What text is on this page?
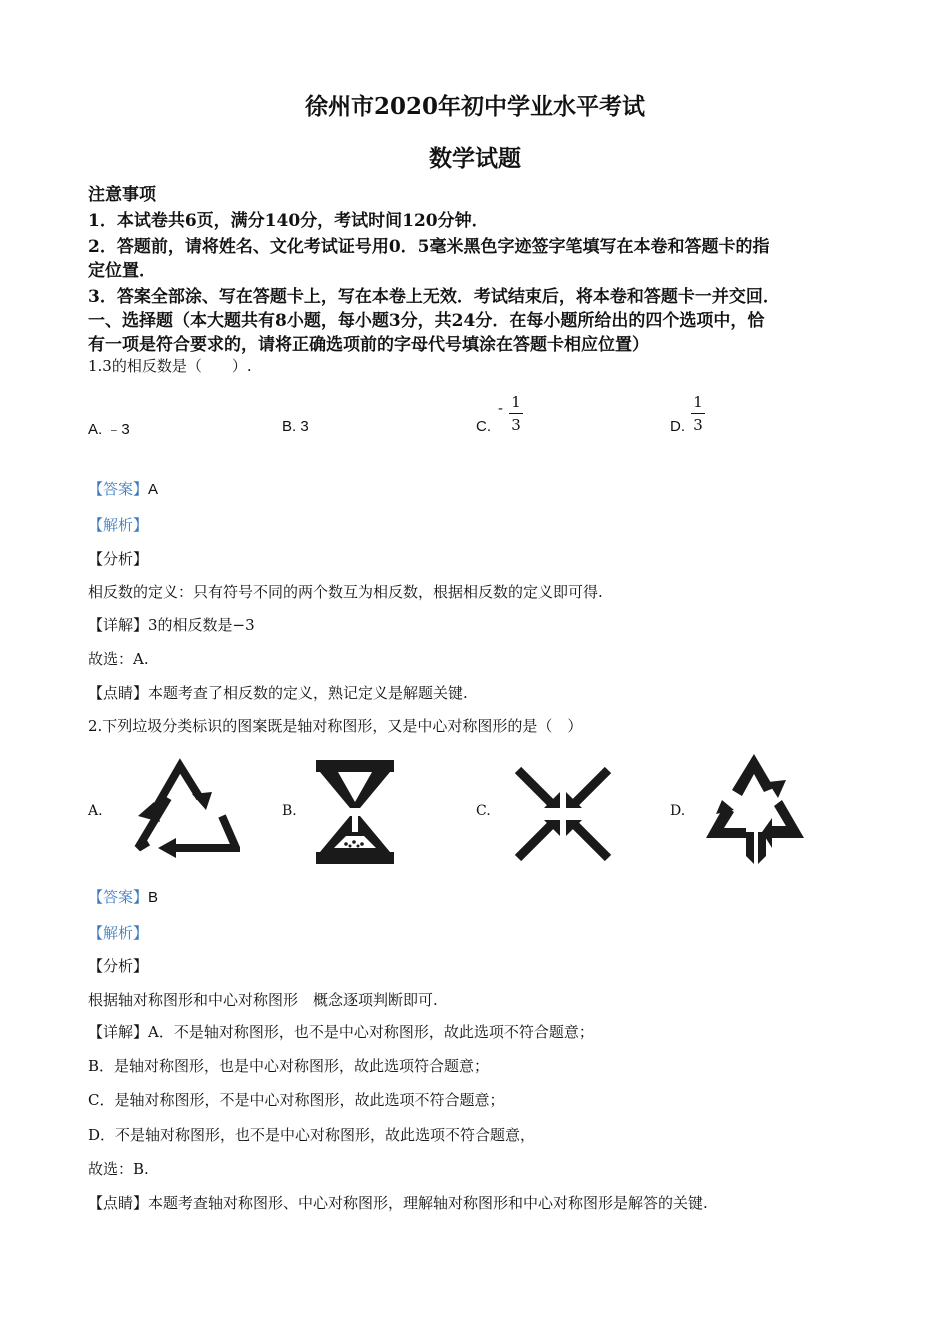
徐州市2020年初中学业水平考试
数学试题
注意事项
1．本试卷共6页，满分140分，考试时间120分钟．
2．答题前，请将姓名、文化考试证号用0．5毫米黑色字迹签字笔填写在本卷和答题卡的指
定位置．
3．答案全部涂、写在答题卡上，写在本卷上无效．考试结束后，将本卷和答题卡一并交回．
一、选择题（本大题共有8小题，每小题3分，共24分．在每小题所给出的四个选项中，恰
有一项是符合要求的，请将正确选项前的字母代号填涂在答题卡相应位置）
1.3的相反数是（　　）.
A. ﹣3	B. 3	C.
- 1
3	D.
1
3
【答案】A
【解析】
【分析】
相反数的定义：只有符号不同的两个数互为相反数，根据相反数的定义即可得.
【详解】3的相反数是−3
故选：A.
【点睛】本题考查了相反数的定义，熟记定义是解题关键.
2.下列垃圾分类标识的图案既是轴对称图形，又是中心对称图形的是（　）
A.	B.	C.	D.
【答案】B
【解析】
【分析】
根据轴对称图形和中心对称图形　概念逐项判断即可.
【详解】A．不是轴对称图形，也不是中心对称图形，故此选项不符合题意；
B．是轴对称图形，也是中心对称图形，故此选项符合题意；
C．是轴对称图形，不是中心对称图形，故此选项不符合题意；
D．不是轴对称图形，也不是中心对称图形，故此选项不符合题意，
故选：B.
【点睛】本题考查轴对称图形、中心对称图形，理解轴对称图形和中心对称图形是解答的关键.
